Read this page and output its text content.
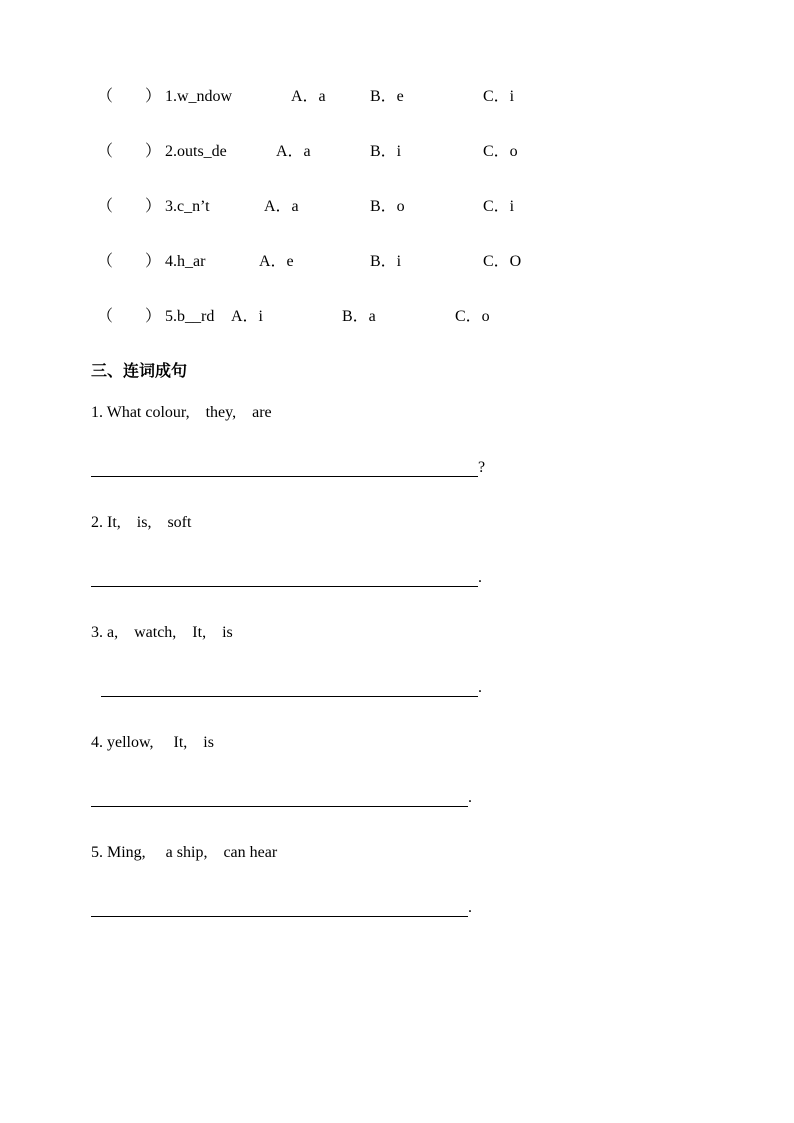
（        ） 1.w_ndow	A．a	B．e	C．i
（        ） 2.outs_de	A．a	B．i	C．o
（        ） 3.c_n’t	A．a	B．o	C．i
（        ） 4.h_ar	A．e	B．i	C．O
（        ） 5.b__rd A．i	B．a	C．o
三、连词成句
1. What colour,    they,    are
?
2. It,    is,    soft
.
3. a,    watch,    It,    is
.
4. yellow,     It,    is
.
5. Ming,     a ship,    can hear
.
